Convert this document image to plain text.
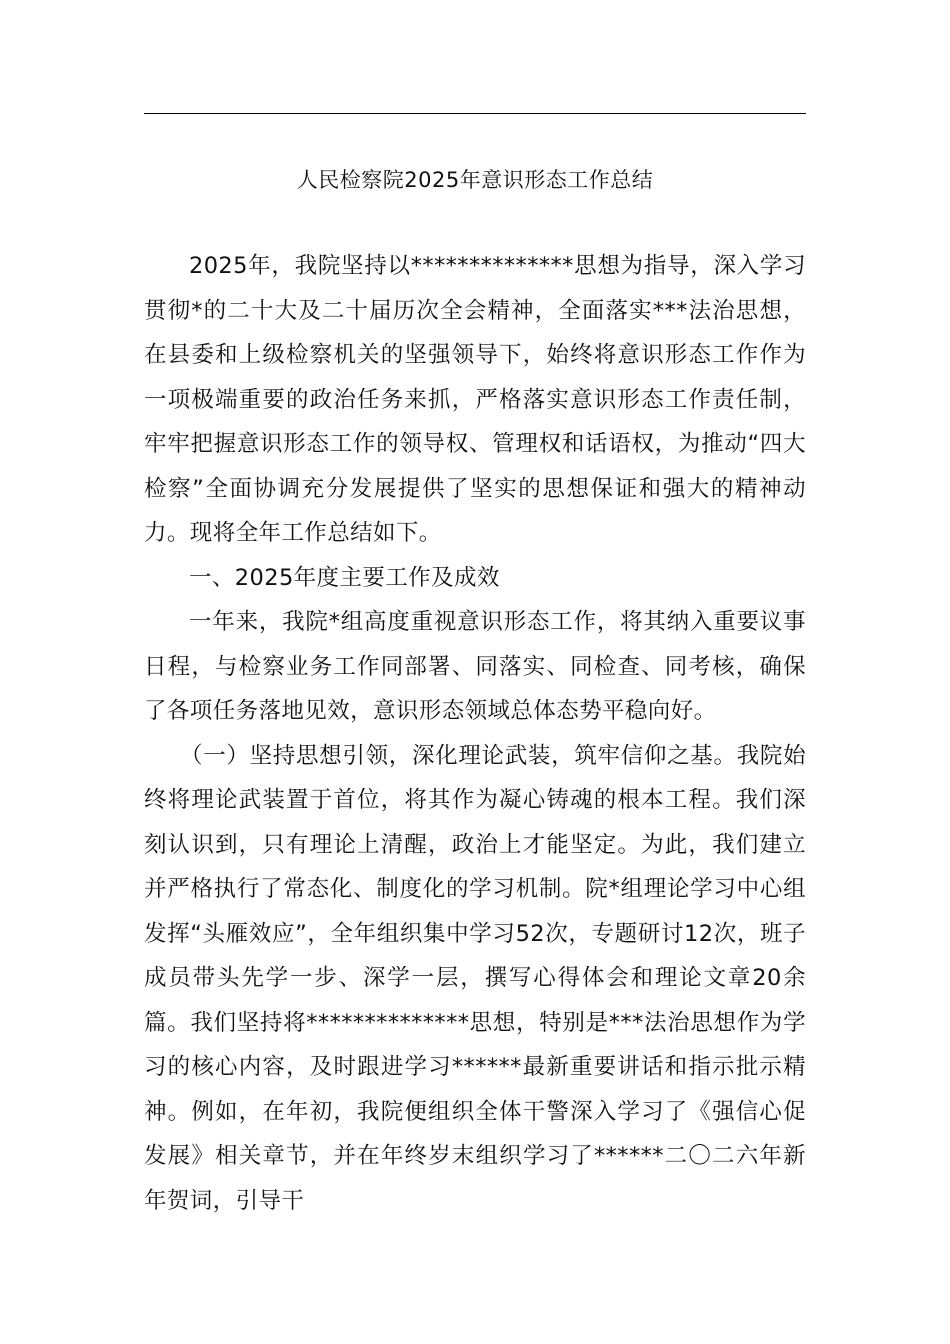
人民检察院2025年意识形态工作总结

2025年，我院坚持以**************思想为指导，深入学习贯彻*的二十大及二十届历次全会精神，全面落实***法治思想，在县委和上级检察机关的坚强领导下，始终将意识形态工作作为一项极端重要的政治任务来抓，严格落实意识形态工作责任制，牢牢把握意识形态工作的领导权、管理权和话语权，为推动“四大检察”全面协调充分发展提供了坚实的思想保证和强大的精神动力。现将全年工作总结如下。

一、2025年度主要工作及成效

一年来，我院*组高度重视意识形态工作，将其纳入重要议事日程，与检察业务工作同部署、同落实、同检查、同考核，确保了各项任务落地见效，意识形态领域总体态势平稳向好。

（一）坚持思想引领，深化理论武装，筑牢信仰之基。我院始终将理论武装置于首位，将其作为凝心铸魂的根本工程。我们深刻认识到，只有理论上清醒，政治上才能坚定。为此，我们建立并严格执行了常态化、制度化的学习机制。院*组理论学习中心组发挥“头雁效应”，全年组织集中学习52次，专题研讨12次，班子成员带头先学一步、深学一层，撰写心得体会和理论文章20余篇。我们坚持将**************思想，特别是***法治思想作为学习的核心内容，及时跟进学习******最新重要讲话和指示批示精神。例如，在年初，我院便组织全体干警深入学习了《强信心促发展》相关章节，并在年终岁末组织学习了******二〇二六年新年贺词，引导干
